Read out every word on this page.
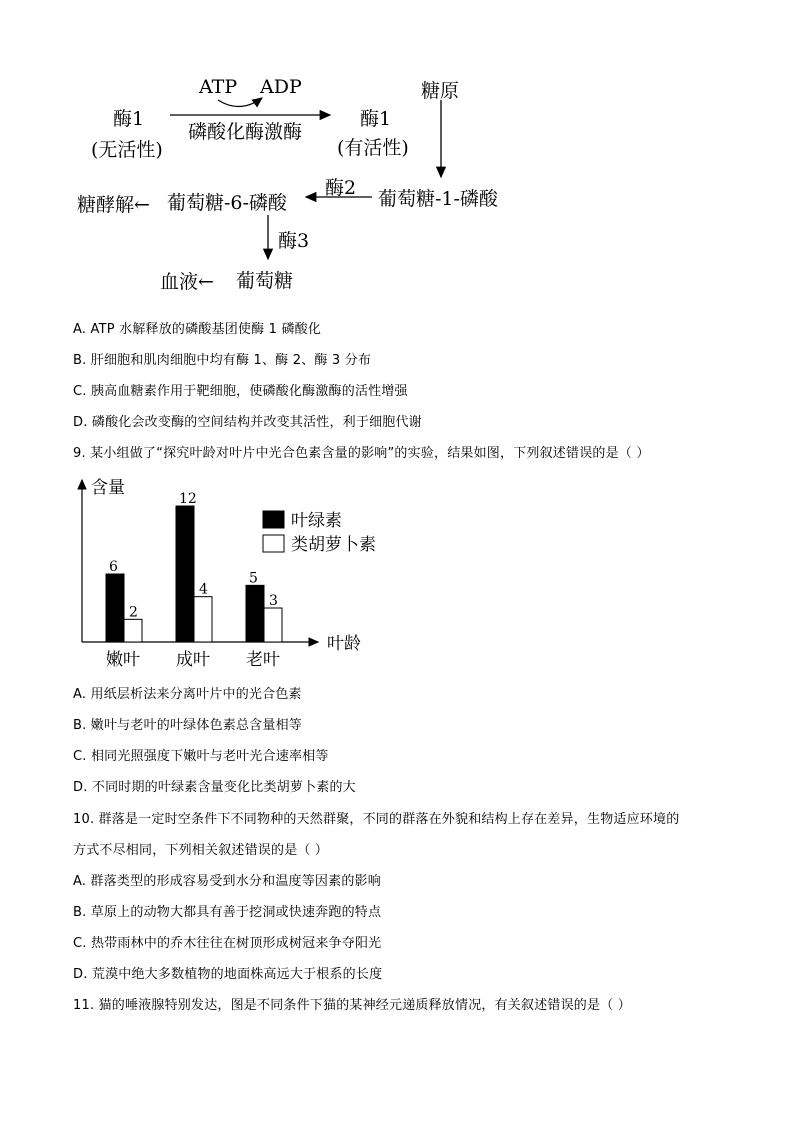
ATP ADP
酶1
(无活性)
磷酸化酶激酶
酶1
(有活性)
糖原
葡萄糖-1-磷酸
酶2
糖酵解← 葡萄糖-6-磷酸
酶3
血液← 葡萄糖
A. ATP 水解释放的磷酸基团使酶 1 磷酸化
B. 肝细胞和肌肉细胞中均有酶 1、酶 2、酶 3 分布
C. 胰高血糖素作用于靶细胞，使磷酸化酶激酶的活性增强
D. 磷酸化会改变酶的空间结构并改变其活性，利于细胞代谢
9. 某小组做了“探究叶龄对叶片中光合色素含量的影响”的实验，结果如图，下列叙述错误的是（ ）
含量
叶龄
6
2
嫩叶
12
4
成叶
5
3
老叶
叶绿素
类胡萝卜素
A. 用纸层析法来分离叶片中的光合色素
B. 嫩叶与老叶的叶绿体色素总含量相等
C. 相同光照强度下嫩叶与老叶光合速率相等
D. 不同时期的叶绿素含量变化比类胡萝卜素的大
10. 群落是一定时空条件下不同物种的天然群聚，不同的群落在外貌和结构上存在差异，生物适应环境的
方式不尽相同，下列相关叙述错误的是（ ）
A. 群落类型的形成容易受到水分和温度等因素的影响
B. 草原上的动物大都具有善于挖洞或快速奔跑的特点
C. 热带雨林中的乔木往往在树顶形成树冠来争夺阳光
D. 荒漠中绝大多数植物的地面株高远大于根系的长度
11. 猫的唾液腺特别发达，图是不同条件下猫的某神经元递质释放情况，有关叙述错误的是（ ）
